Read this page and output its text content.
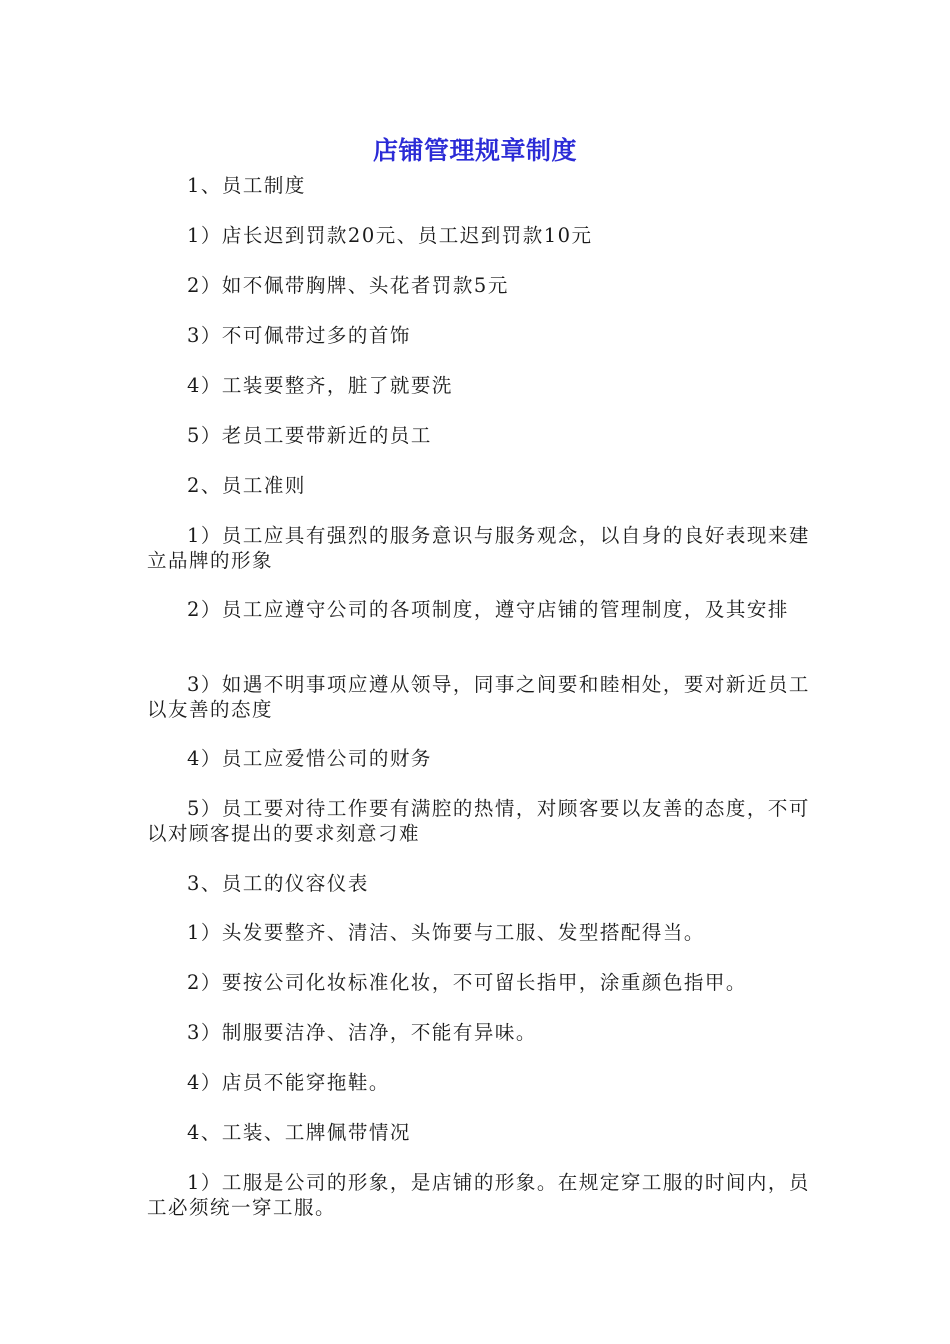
店铺管理规章制度
1、员工制度
1）店长迟到罚款20元、员工迟到罚款10元
2）如不佩带胸牌、头花者罚款5元
3）不可佩带过多的首饰
4）工装要整齐，脏了就要洗
5）老员工要带新近的员工
2、员工准则
1）员工应具有强烈的服务意识与服务观念，以自身的良好表现来建立品牌的形象
2）员工应遵守公司的各项制度，遵守店铺的管理制度，及其安排
3）如遇不明事项应遵从领导，同事之间要和睦相处，要对新近员工以友善的态度
4）员工应爱惜公司的财务
5）员工要对待工作要有满腔的热情，对顾客要以友善的态度，不可以对顾客提出的要求刻意刁难
3、员工的仪容仪表
1）头发要整齐、清洁、头饰要与工服、发型搭配得当。
2）要按公司化妆标准化妆，不可留长指甲，涂重颜色指甲。
3）制服要洁净、洁净，不能有异味。
4）店员不能穿拖鞋。
4、工装、工牌佩带情况
1）工服是公司的形象，是店铺的形象。在规定穿工服的时间内，员工必须统一穿工服。
